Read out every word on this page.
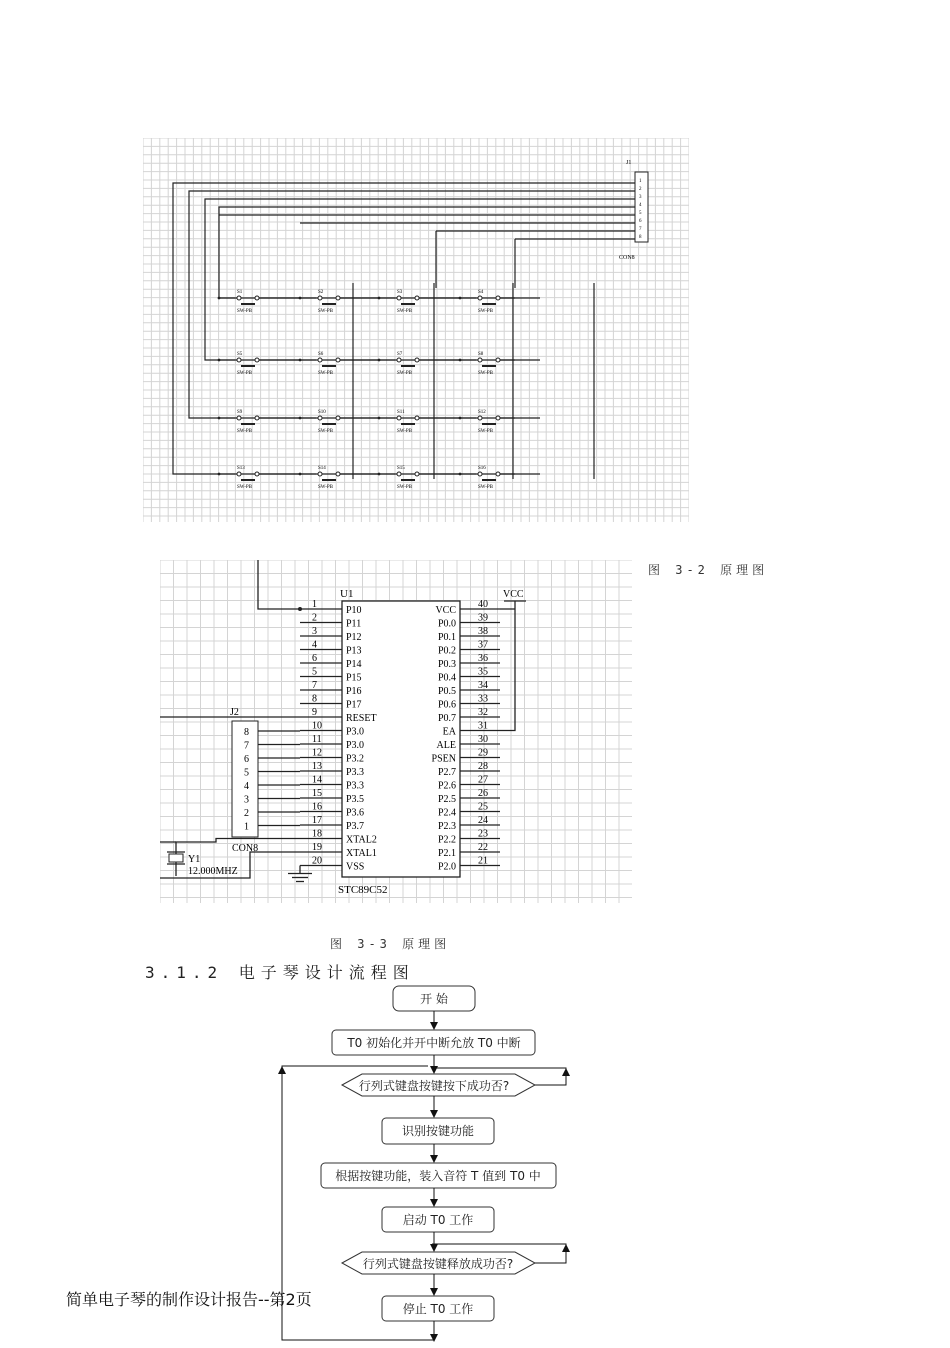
J1
1
2
3
4
5
6
7
8
CON8
S1
SW-PB
S2
SW-PB
S3
SW-PB
S4
SW-PB
S5
SW-PB
S6
SW-PB
S7
SW-PB
S8
SW-PB
S9
SW-PB
S10
SW-PB
S11
SW-PB
S12
SW-PB
S13
SW-PB
S14
SW-PB
S15
SW-PB
S16
SW-PB
图 3-2 原理图
U1
STC89C52
1
P10
2
P11
3
P12
4
P13
6
P14
5
P15
7
P16
8
P17
9
RESET
10
P3.0
11
P3.0
12
P3.2
13
P3.3
14
P3.3
15
P3.5
16
P3.6
17
P3.7
18
XTAL2
19
XTAL1
20
VSS
40
VCC
39
P0.0
38
P0.1
37
P0.2
36
P0.3
35
P0.4
34
P0.5
33
P0.6
32
P0.7
31
EA
30
ALE
29
PSEN
28
P2.7
27
P2.6
26
P2.5
25
P2.4
24
P2.3
23
P2.2
22
P2.1
21
P2.0
VCC
J2
8
7
6
5
4
3
2
1
CON8
Y1
12.000MHZ
图 3-3 原理图
3.1.2 电子琴设计流程图
开 始
T0 初始化并开中断允放 T0 中断
行列式键盘按键按下成功否?
识别按键功能
根据按键功能，装入音符 T 值到 T0 中
启动 T0 工作
行列式键盘按键释放成功否?
停止 T0 工作
简单电子琴的制作设计报告--第2页
